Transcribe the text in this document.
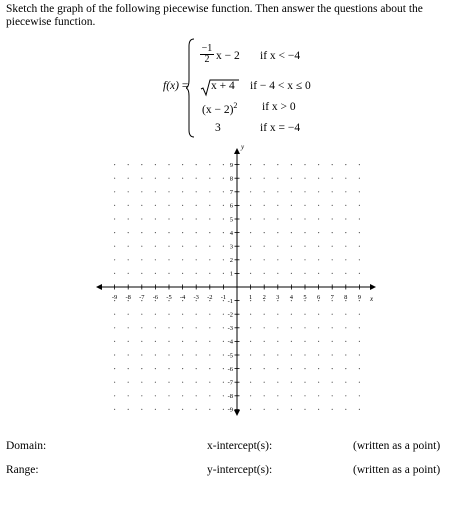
Sketch the graph of the following piecewise function. Then answer the questions about the piecewise function.
f(x) =
$\frac{-1}{2}$ x − 2 if x < −4
x + 4 if − 4 < x ≤ 0
$(x - 2)^2$ if x > 0
3	if x = −4
-9 -8 -7 -6 -5 -4 -3 -2 -1	1 2 3 4 5 6 7 8 9
9
8
7
6
5
4
3
2
1
-1
-2
-3
-4
-5
-6
-7
-8
-9
x
y
Domain:	x-intercept(s):	(written as a point)
Range:	y-intercept(s):	(written as a point)
